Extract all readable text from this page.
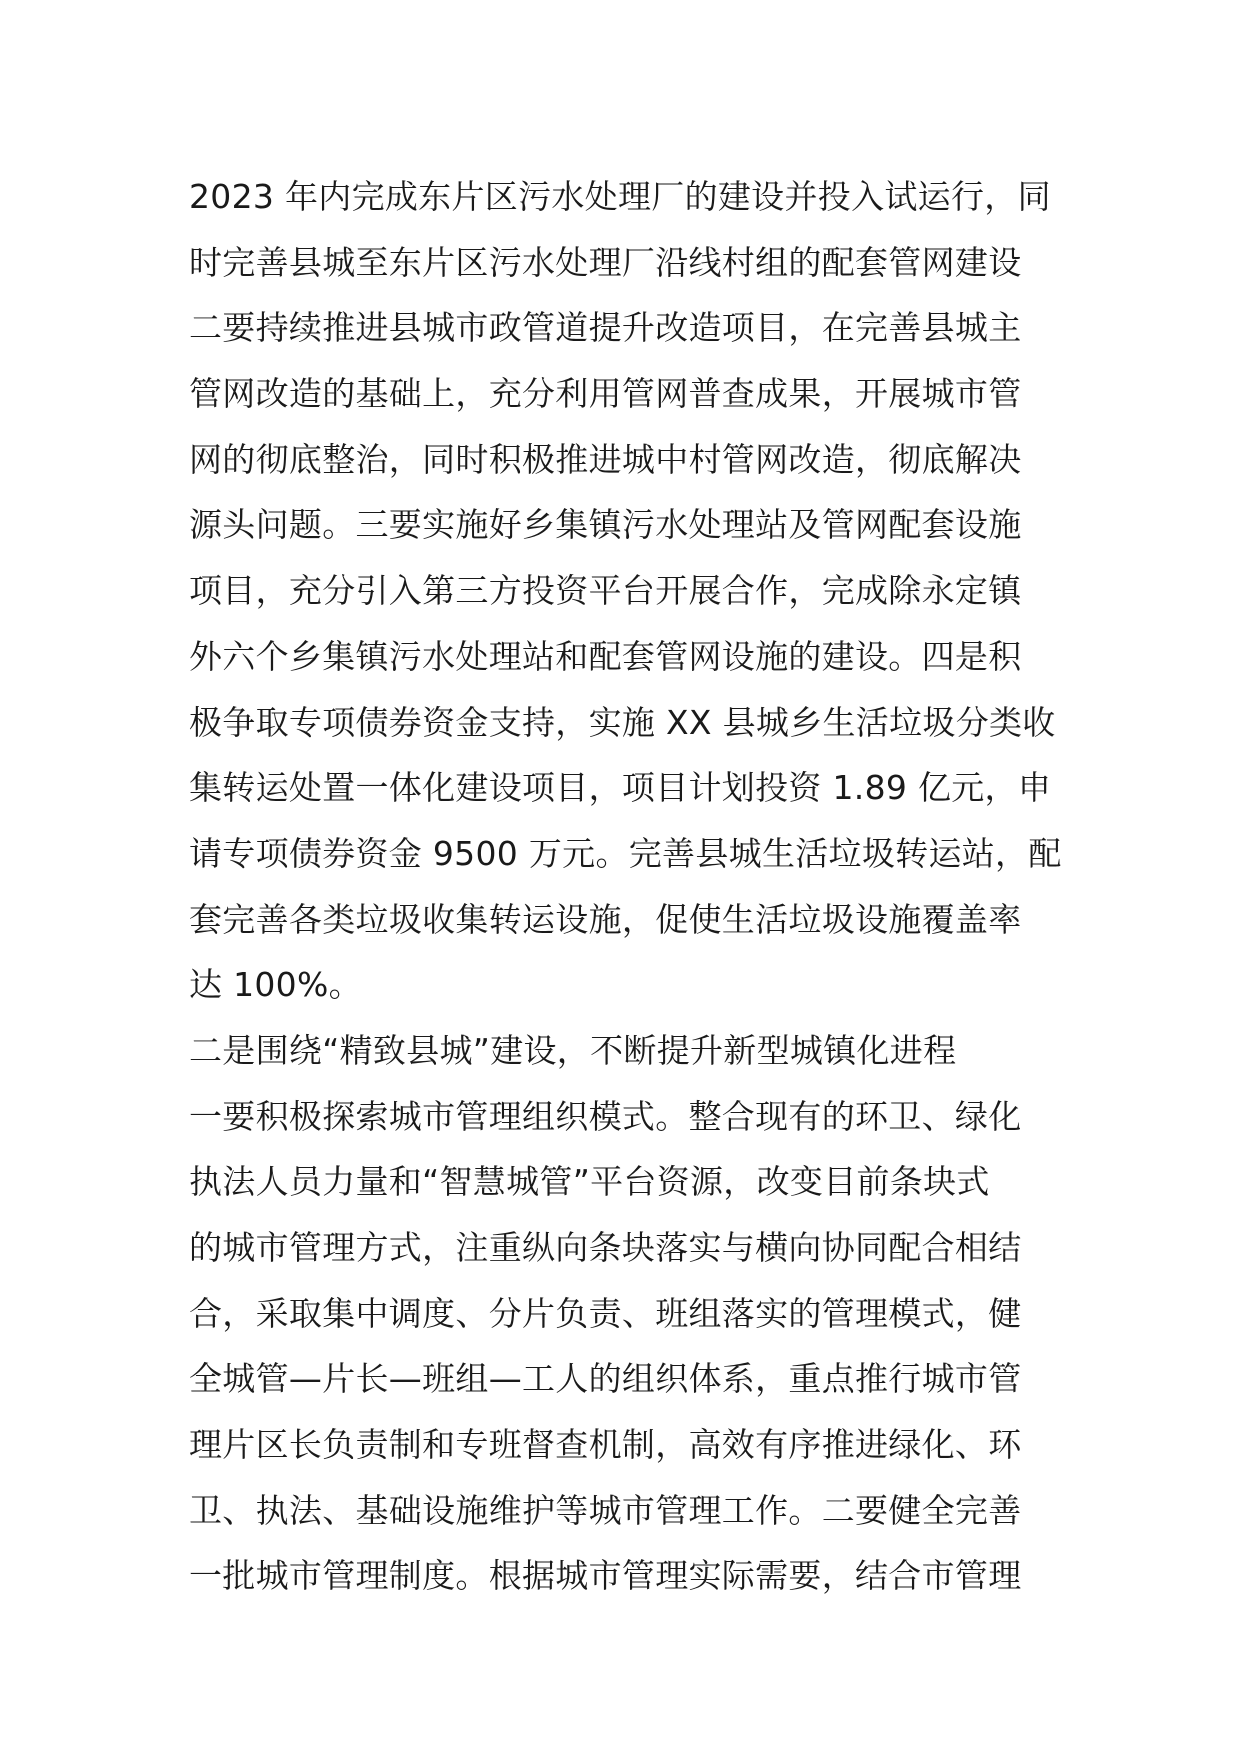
2023 年内完成东片区污水处理厂的建设并投入试运行，同
时完善县城至东片区污水处理厂沿线村组的配套管网建设
二要持续推进县城市政管道提升改造项目，在完善县城主
管网改造的基础上，充分利用管网普查成果，开展城市管
网的彻底整治，同时积极推进城中村管网改造，彻底解决
源头问题。三要实施好乡集镇污水处理站及管网配套设施
项目，充分引入第三方投资平台开展合作，完成除永定镇
外六个乡集镇污水处理站和配套管网设施的建设。四是积
极争取专项债券资金支持，实施 XX 县城乡生活垃圾分类收
集转运处置一体化建设项目，项目计划投资 1.89 亿元，申
请专项债券资金 9500 万元。完善县城生活垃圾转运站，配
套完善各类垃圾收集转运设施，促使生活垃圾设施覆盖率
达 100%。
二是围绕“精致县城”建设，不断提升新型城镇化进程
一要积极探索城市管理组织模式。整合现有的环卫、绿化
执法人员力量和“智慧城管”平台资源，改变目前条块式
的城市管理方式，注重纵向条块落实与横向协同配合相结
合，采取集中调度、分片负责、班组落实的管理模式，健
全城管—片长—班组—工人的组织体系，重点推行城市管
理片区长负责制和专班督查机制，高效有序推进绿化、环
卫、执法、基础设施维护等城市管理工作。二要健全完善
一批城市管理制度。根据城市管理实际需要，结合市管理
